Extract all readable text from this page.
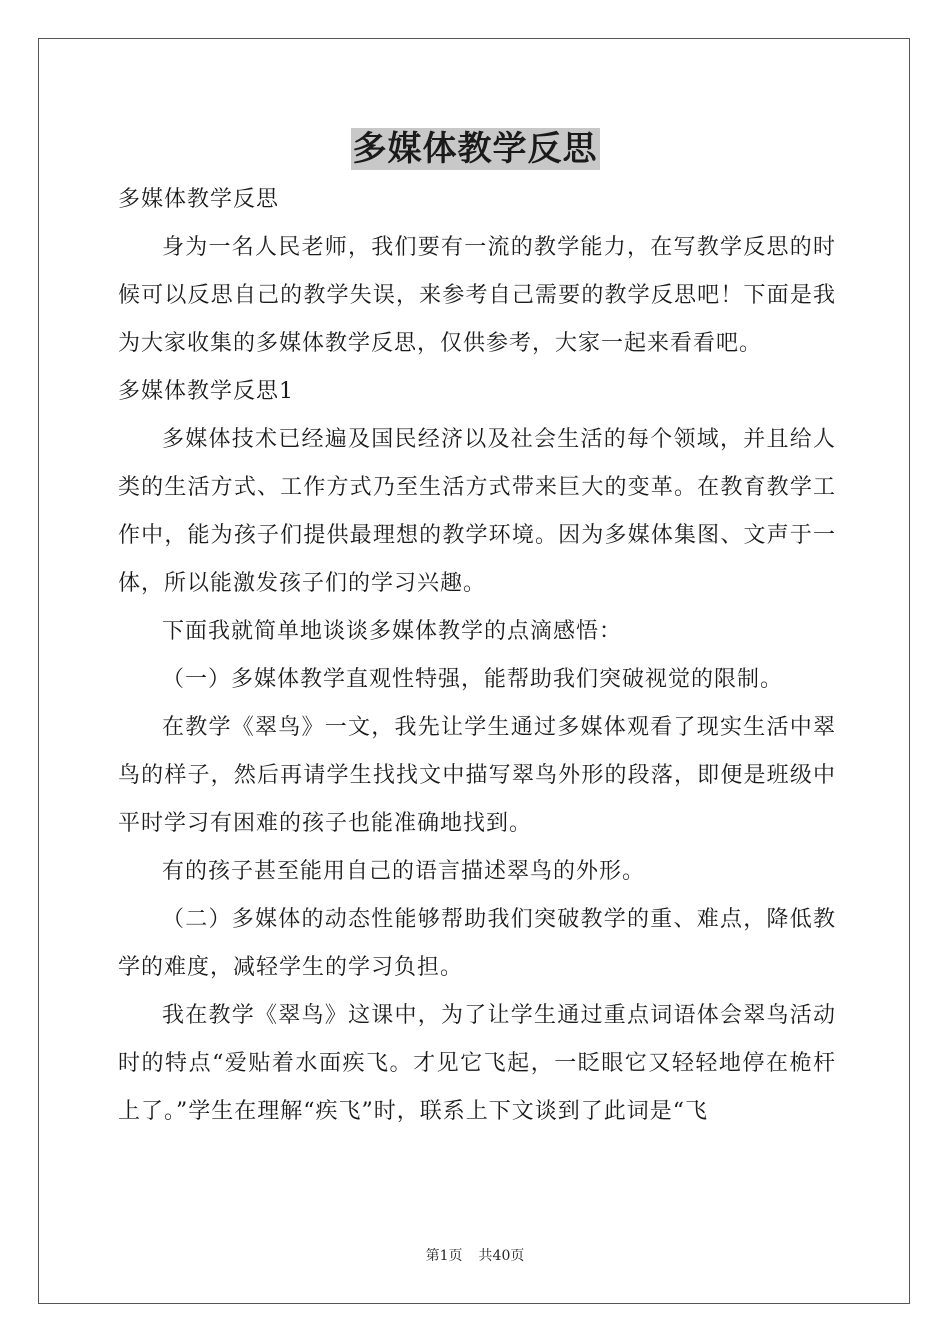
多媒体教学反思

多媒体教学反思

身为一名人民老师，我们要有一流的教学能力，在写教学反思的时候可以反思自己的教学失误，来参考自己需要的教学反思吧！下面是我为大家收集的多媒体教学反思，仅供参考，大家一起来看看吧。

多媒体教学反思1

多媒体技术已经遍及国民经济以及社会生活的每个领域，并且给人类的生活方式、工作方式乃至生活方式带来巨大的变革。在教育教学工作中，能为孩子们提供最理想的教学环境。因为多媒体集图、文声于一体，所以能激发孩子们的学习兴趣。

下面我就简单地谈谈多媒体教学的点滴感悟：

（一）多媒体教学直观性特强，能帮助我们突破视觉的限制。

在教学《翠鸟》一文，我先让学生通过多媒体观看了现实生活中翠鸟的样子，然后再请学生找找文中描写翠鸟外形的段落，即便是班级中平时学习有困难的孩子也能准确地找到。

有的孩子甚至能用自己的语言描述翠鸟的外形。

（二）多媒体的动态性能够帮助我们突破教学的重、难点，降低教学的难度，减轻学生的学习负担。

我在教学《翠鸟》这课中，为了让学生通过重点词语体会翠鸟活动时的特点“爱贴着水面疾飞。才见它飞起，一眨眼它又轻轻地停在桅杆上了。”学生在理解“疾飞”时，联系上下文谈到了此词是“飞

第1页 共40页
